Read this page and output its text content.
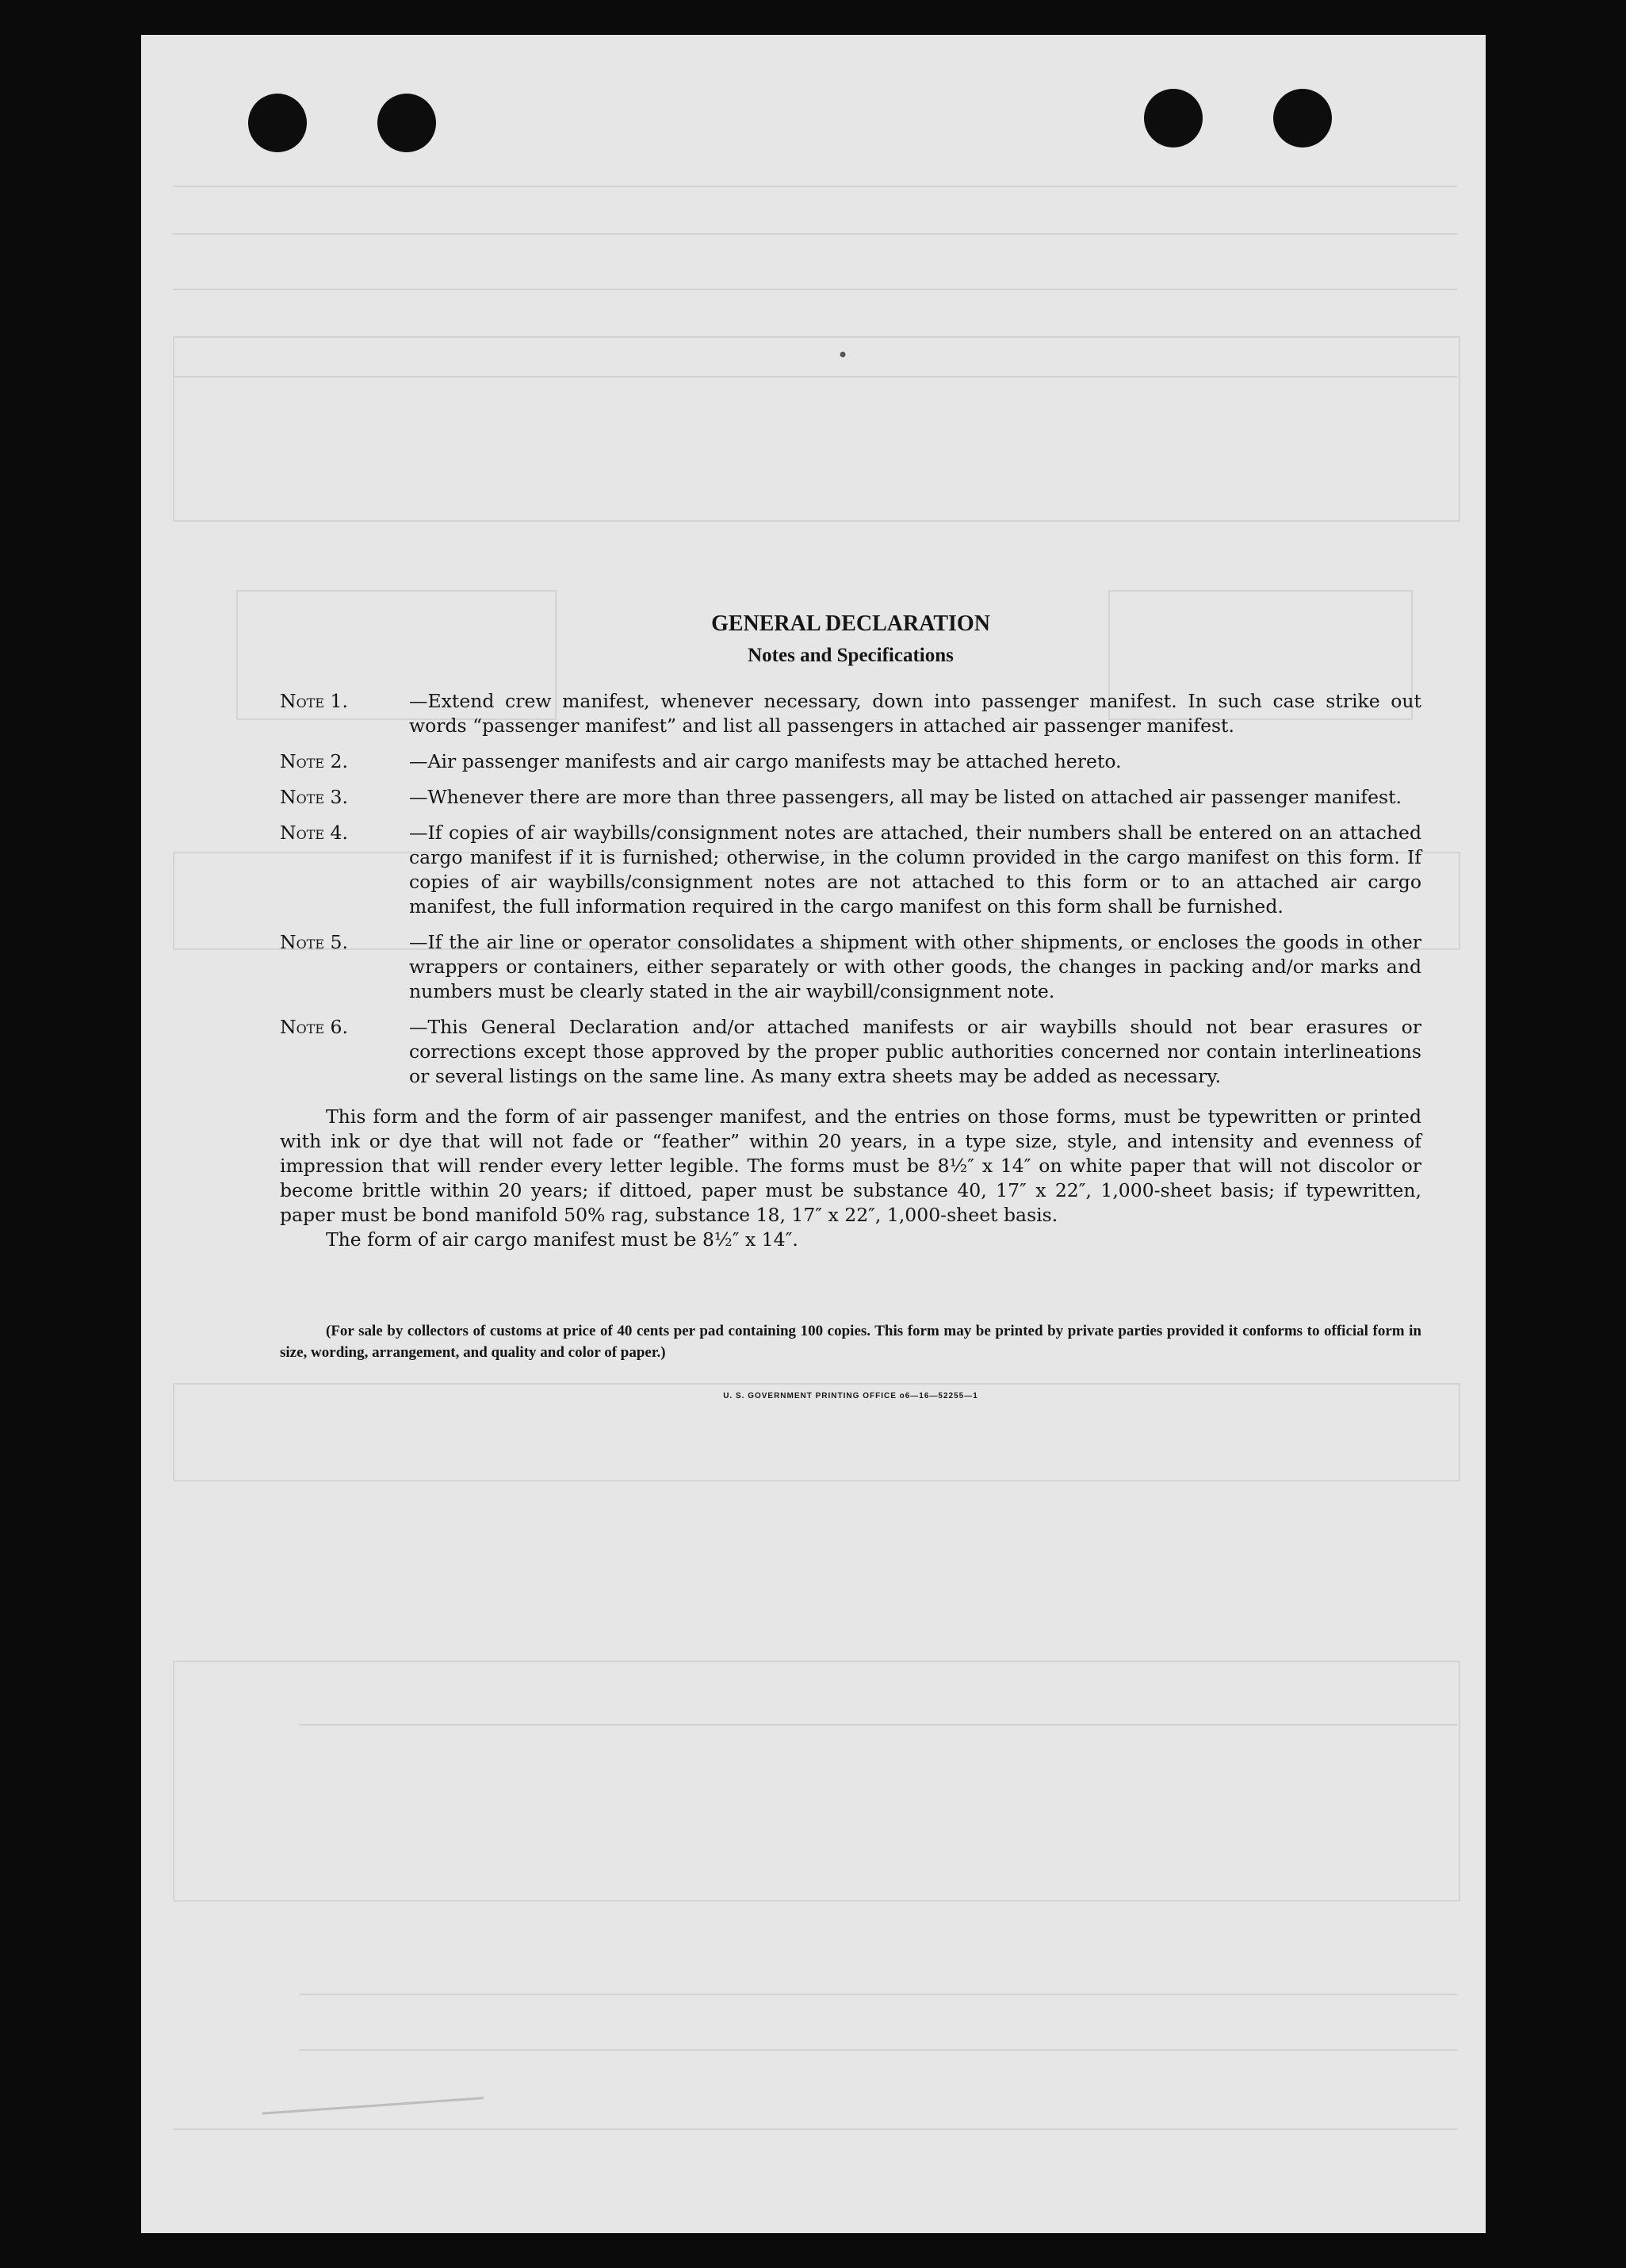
GENERAL DECLARATION
Notes and Specifications
Note 1.	—Extend crew manifest, whenever necessary, down into passenger manifest. In such case strike out words “passenger manifest” and list all passengers in attached air passenger manifest.
Note 2.	—Air passenger manifests and air cargo manifests may be attached hereto.
Note 3.	—Whenever there are more than three passengers, all may be listed on attached air passenger manifest.
Note 4.	—If copies of air waybills/consignment notes are attached, their numbers shall be entered on an attached cargo manifest if it is furnished; otherwise, in the column provided in the cargo manifest on this form. If copies of air waybills/consignment notes are not attached to this form or to an attached air cargo manifest, the full information required in the cargo manifest on this form shall be furnished.
Note 5.	—If the air line or operator consolidates a shipment with other shipments, or encloses the goods in other wrappers or containers, either separately or with other goods, the changes in packing and/or marks and numbers must be clearly stated in the air waybill/consignment note.
Note 6.	—This General Declaration and/or attached manifests or air waybills should not bear erasures or corrections except those approved by the proper public authorities concerned nor contain interlineations or several listings on the same line. As many extra sheets may be added as necessary.
This form and the form of air passenger manifest, and the entries on those forms, must be typewritten or printed with ink or dye that will not fade or “feather” within 20 years, in a type size, style, and intensity and evenness of impression that will render every letter legible. The forms must be 8½″ x 14″ on white paper that will not discolor or become brittle within 20 years; if dittoed, paper must be substance 40, 17″ x 22″, 1,000-sheet basis; if typewritten, paper must be bond manifold 50% rag, substance 18, 17″ x 22″, 1,000-sheet basis.
The form of air cargo manifest must be 8½″ x 14″.
(For sale by collectors of customs at price of 40 cents per pad containing 100 copies. This form may be printed by private parties provided it conforms to official form in size, wording, arrangement, and quality and color of paper.)
U. S. GOVERNMENT PRINTING OFFICE o6—16—52255—1
•
